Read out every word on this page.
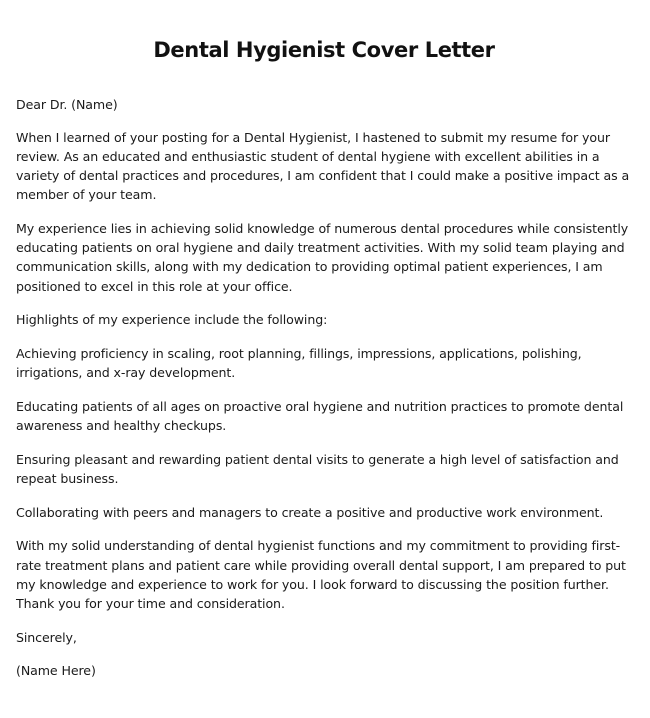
Dental Hygienist Cover Letter

Dear Dr. (Name)

When I learned of your posting for a Dental Hygienist, I hastened to submit my resume for your review. As an educated and enthusiastic student of dental hygiene with excellent abilities in a variety of dental practices and procedures, I am confident that I could make a positive impact as a member of your team.

My experience lies in achieving solid knowledge of numerous dental procedures while consistently educating patients on oral hygiene and daily treatment activities. With my solid team playing and communication skills, along with my dedication to providing optimal patient experiences, I am positioned to excel in this role at your office.

Highlights of my experience include the following:

Achieving proficiency in scaling, root planning, fillings, impressions, applications, polishing, irrigations, and x-ray development.

Educating patients of all ages on proactive oral hygiene and nutrition practices to promote dental awareness and healthy checkups.

Ensuring pleasant and rewarding patient dental visits to generate a high level of satisfaction and repeat business.

Collaborating with peers and managers to create a positive and productive work environment.

With my solid understanding of dental hygienist functions and my commitment to providing first-rate treatment plans and patient care while providing overall dental support, I am prepared to put my knowledge and experience to work for you. I look forward to discussing the position further. Thank you for your time and consideration.

Sincerely,

(Name Here)
